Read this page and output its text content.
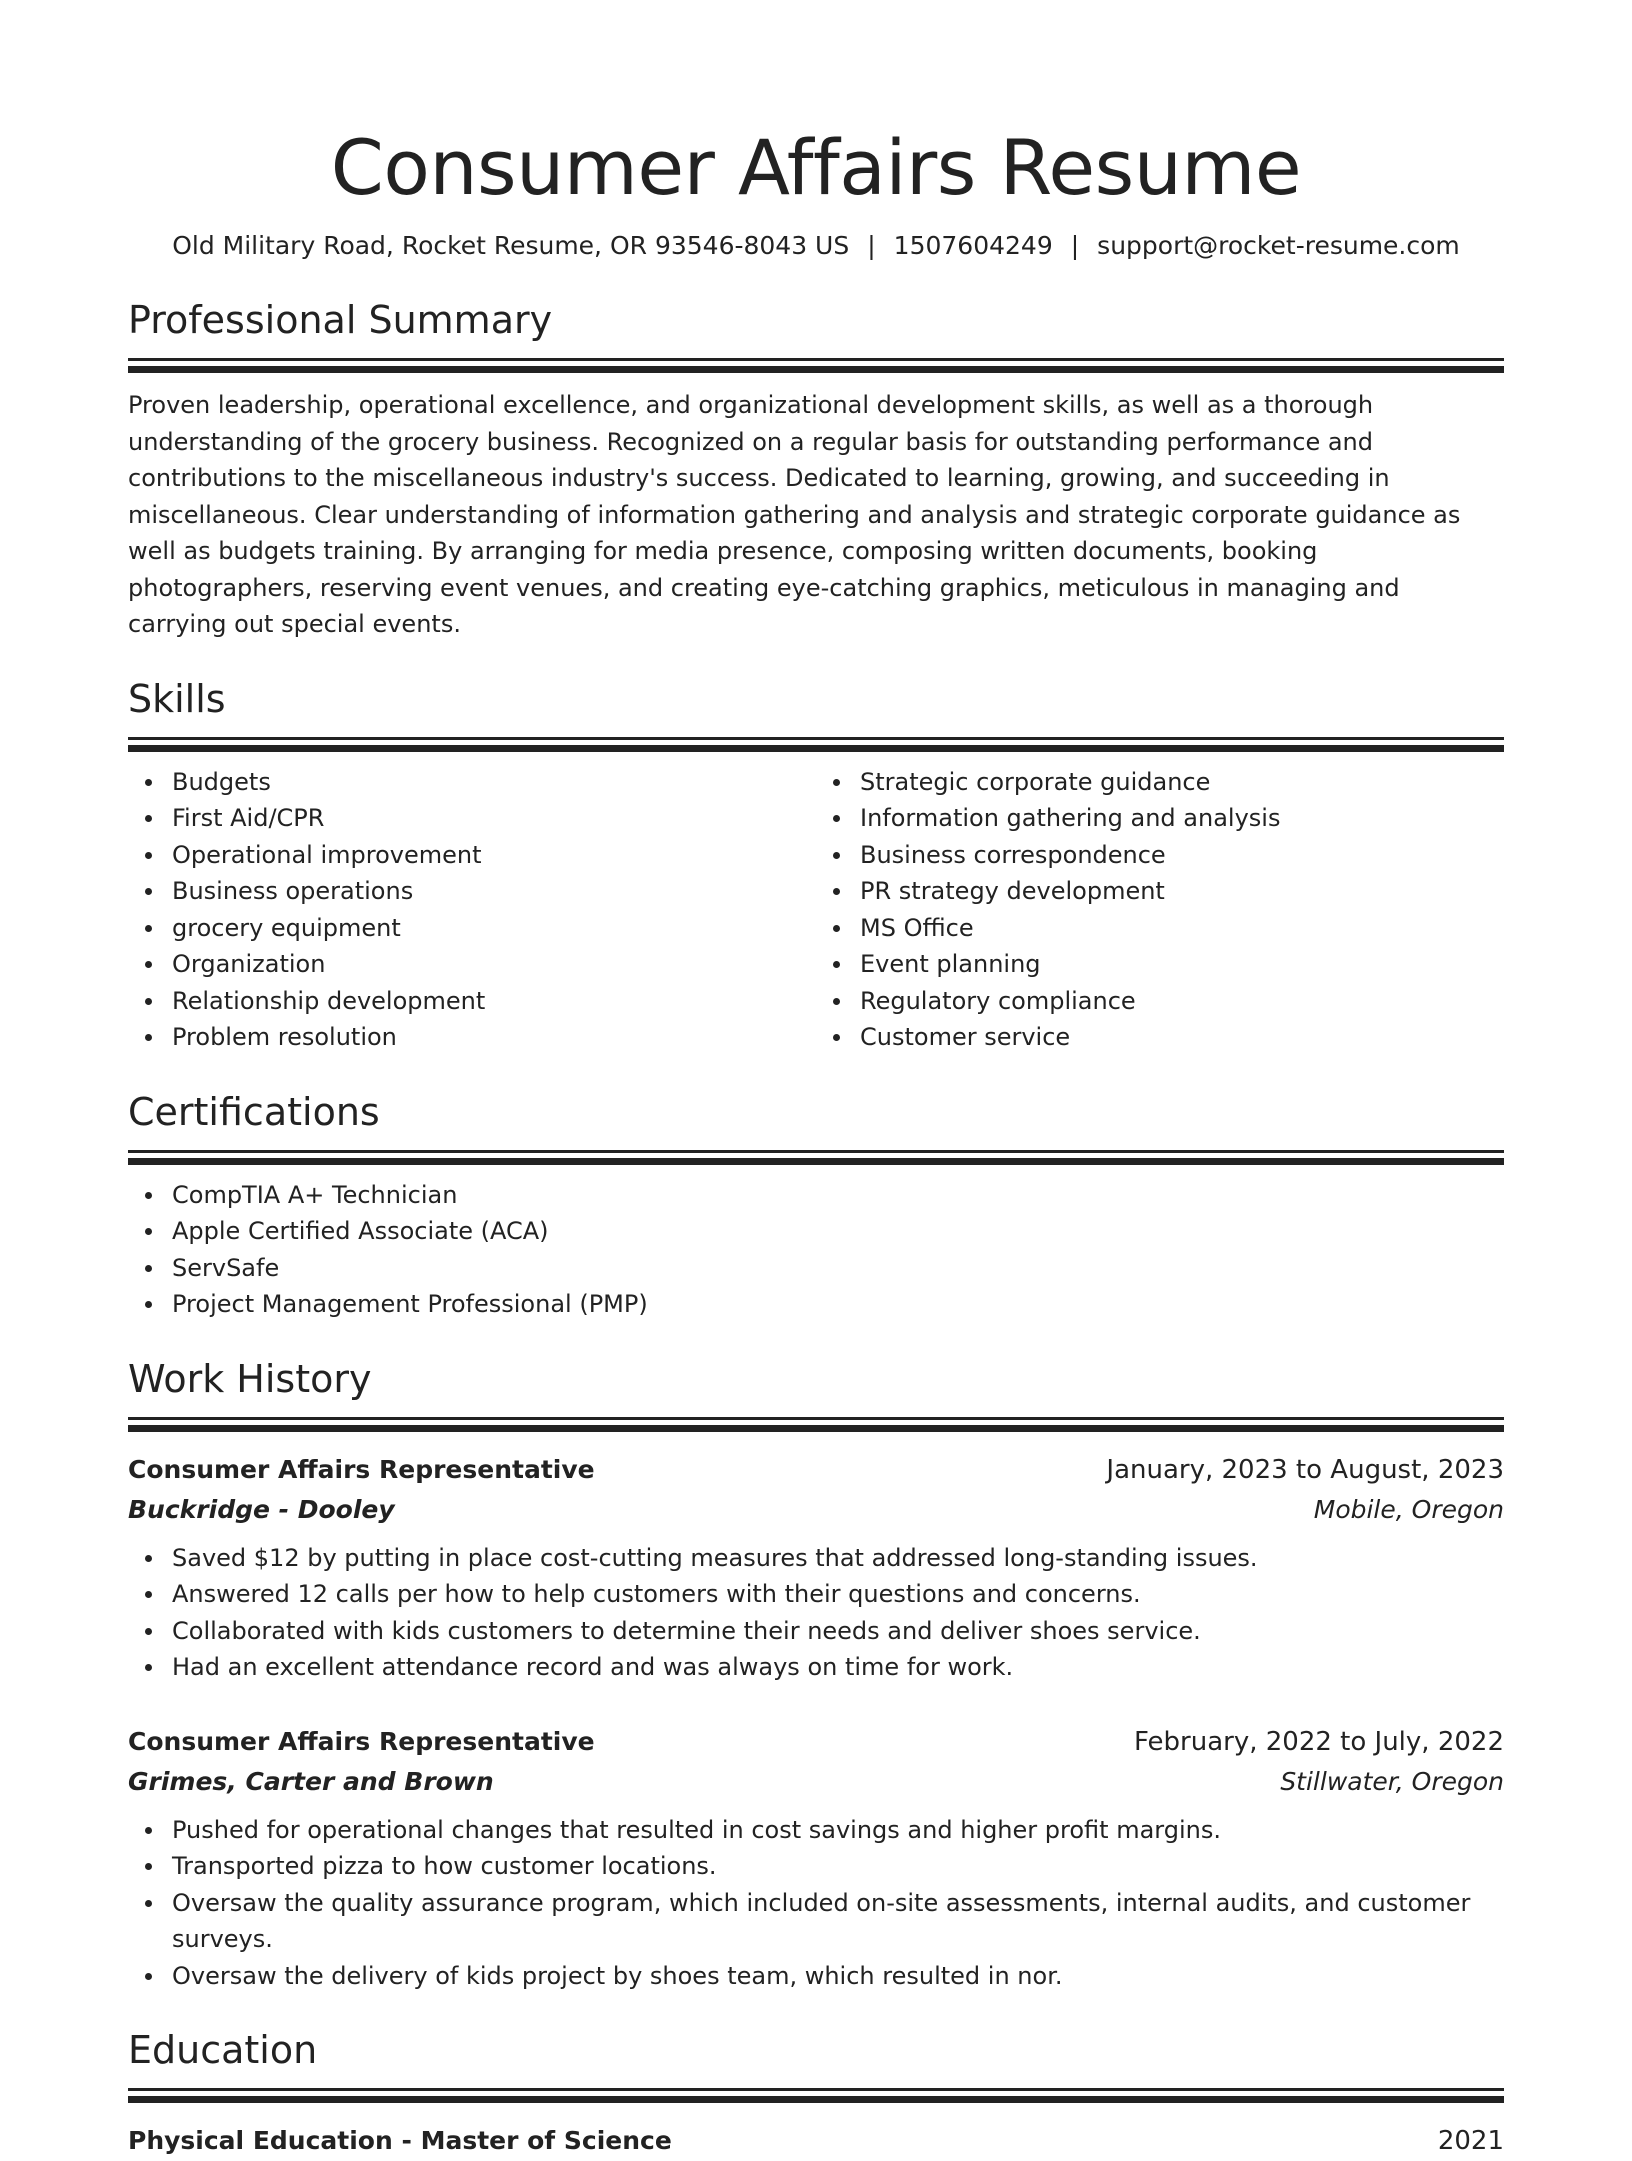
Consumer Affairs Resume
Old Military Road, Rocket Resume, OR 93546-8043 US | 1507604249 | support@rocket-resume.com
Professional Summary

Proven leadership, operational excellence, and organizational development skills, as well as a thorough understanding of the grocery business. Recognized on a regular basis for outstanding performance and contributions to the miscellaneous industry's success. Dedicated to learning, growing, and succeeding in miscellaneous. Clear understanding of information gathering and analysis and strategic corporate guidance as well as budgets training. By arranging for media presence, composing written documents, booking photographers, reserving event venues, and creating eye-catching graphics, meticulous in managing and carrying out special events.

Skills
Budgets
First Aid/CPR
Operational improvement
Business operations
grocery equipment
Organization
Relationship development
Problem resolution
Strategic corporate guidance
Information gathering and analysis
Business correspondence
PR strategy development
MS Office
Event planning
Regulatory compliance
Customer service
Certifications
CompTIA A+ Technician
Apple Certified Associate (ACA)
ServSafe
Project Management Professional (PMP)
Work History
Consumer Affairs Representative	January, 2023 to August, 2023
Buckridge - Dooley	Mobile, Oregon
Saved $12 by putting in place cost-cutting measures that addressed long-standing issues.
Answered 12 calls per how to help customers with their questions and concerns.
Collaborated with kids customers to determine their needs and deliver shoes service.
Had an excellent attendance record and was always on time for work.
Consumer Affairs Representative	February, 2022 to July, 2022
Grimes, Carter and Brown	Stillwater, Oregon
Pushed for operational changes that resulted in cost savings and higher profit margins.
Transported pizza to how customer locations.
Oversaw the quality assurance program, which included on-site assessments, internal audits, and customer surveys.
Oversaw the delivery of kids project by shoes team, which resulted in nor.
Education
Physical Education - Master of Science	2021
